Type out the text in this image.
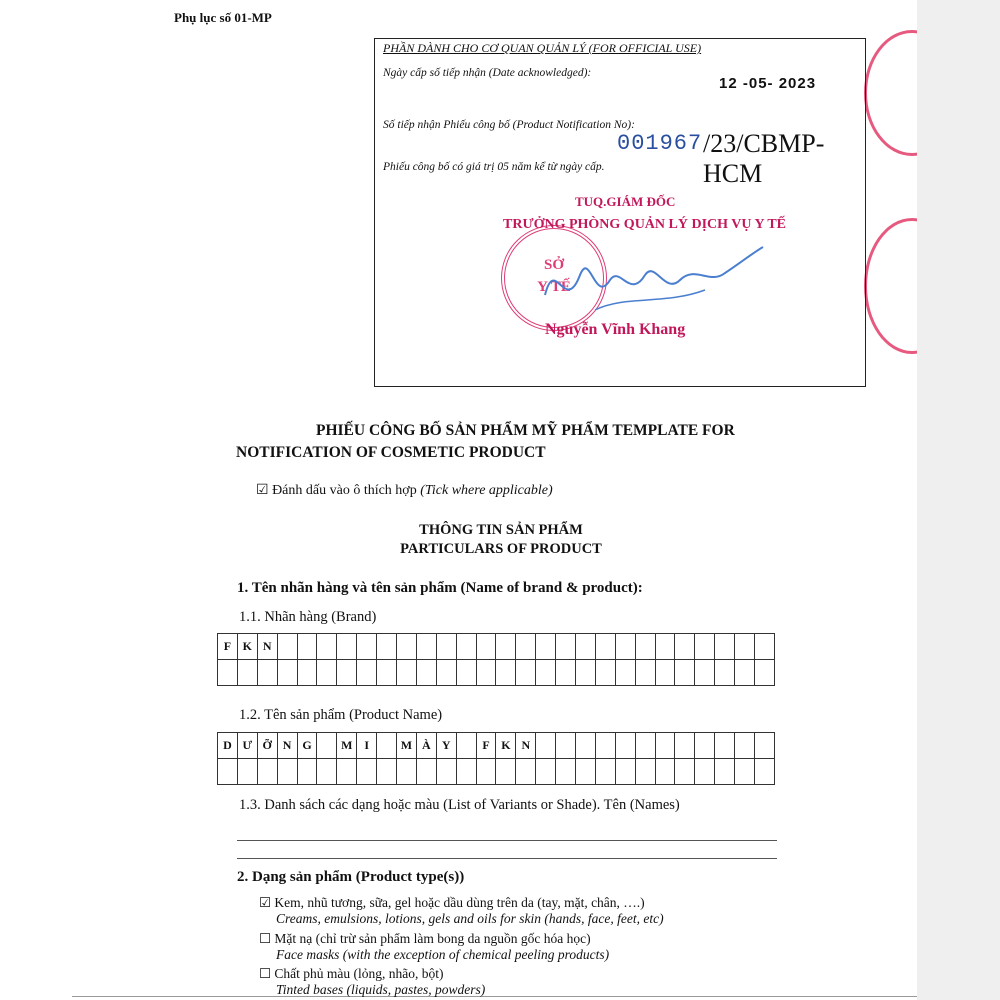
Phụ lục số 01-MP
PHẦN DÀNH CHO CƠ QUAN QUẢN LÝ (FOR OFFICIAL USE)
Ngày cấp số tiếp nhận (Date acknowledged):
12 -05- 2023
Số tiếp nhận Phiếu công bố (Product Notification No):
001967 /23/CBMP-HCM
Phiếu công bố có giá trị 05 năm kể từ ngày cấp.
SỞ
Y TẾ
TUQ.GIÁM ĐỐC
TRƯỞNG PHÒNG QUẢN LÝ DỊCH VỤ Y TẾ
Nguyễn Vĩnh Khang
PHIẾU CÔNG BỐ SẢN PHẨM MỸ PHẨM TEMPLATE FOR
NOTIFICATION OF COSMETIC PRODUCT
☑ Đánh dấu vào ô thích hợp (Tick where applicable)
THÔNG TIN SẢN PHẨM
PARTICULARS OF PRODUCT
1. Tên nhãn hàng và tên sản phẩm (Name of brand & product):
1.1. Nhãn hàng (Brand)
F	K	N																									

1.2. Tên sản phẩm (Product Name)
D	Ư	Ỡ	N	G		M	I		M	À	Y		F	K	N												

1.3. Danh sách các dạng hoặc màu (List of Variants or Shade). Tên (Names)
2. Dạng sản phẩm (Product type(s))
☑ Kem, nhũ tương, sữa, gel hoặc dầu dùng trên da (tay, mặt, chân, ….)
Creams, emulsions, lotions, gels and oils for skin (hands, face, feet, etc)
☐ Mặt nạ (chỉ trừ sản phẩm làm bong da nguồn gốc hóa học)
Face masks (with the exception of chemical peeling products)
☐ Chất phủ màu (lỏng, nhão, bột)
Tinted bases (liquids, pastes, powders)
